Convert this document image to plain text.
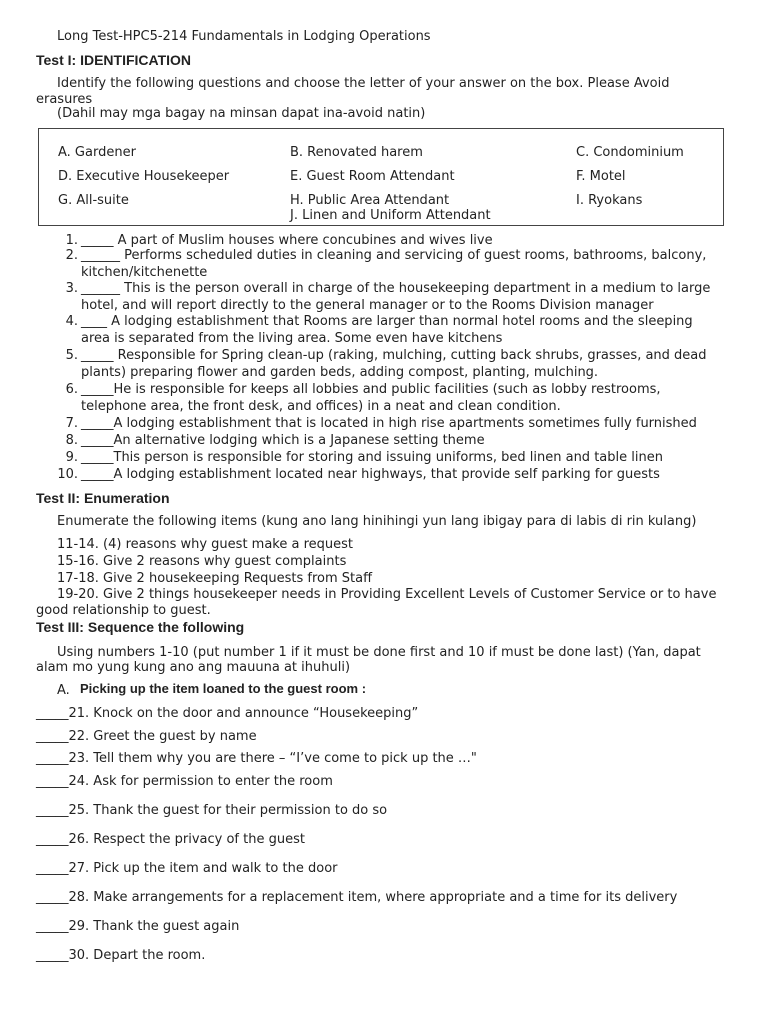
Long Test-HPC5-214 Fundamentals in Lodging Operations
Test I: IDENTIFICATION
Identify the following questions and choose the letter of your answer on the box. Please Avoid
erasures
(Dahil may mga bagay na minsan dapat ina-avoid natin)
A. Gardener	B. Renovated harem	C. Condominium
D. Executive Housekeeper	E. Guest Room Attendant	F. Motel
G. All-suite	H. Public Area Attendant	I. Ryokans
J. Linen and Uniform Attendant
1. _____ A part of Muslim houses where concubines and wives live
2. ______ Performs scheduled duties in cleaning and servicing of guest rooms, bathrooms, balcony,
kitchen/kitchenette
3. ______ This is the person overall in charge of the housekeeping department in a medium to large
hotel, and will report directly to the general manager or to the Rooms Division manager
4. ____ A lodging establishment that Rooms are larger than normal hotel rooms and the sleeping
area is separated from the living area. Some even have kitchens
5. _____ Responsible for Spring clean-up (raking, mulching, cutting back shrubs, grasses, and dead
plants) preparing flower and garden beds, adding compost, planting, mulching.
6. _____He is responsible for keeps all lobbies and public facilities (such as lobby restrooms,
telephone area, the front desk, and offices) in a neat and clean condition.
7. _____A lodging establishment that is located in high rise apartments sometimes fully furnished
8. _____An alternative lodging which is a Japanese setting theme
9. _____This person is responsible for storing and issuing uniforms, bed linen and table linen
10. _____A lodging establishment located near highways, that provide self parking for guests
Test II: Enumeration
Enumerate the following items (kung ano lang hinihingi yun lang ibigay para di labis di rin kulang)
11-14. (4) reasons why guest make a request
15-16. Give 2 reasons why guest complaints
17-18. Give 2 housekeeping Requests from Staff
19-20. Give 2 things housekeeper needs in Providing Excellent Levels of Customer Service or to have
good relationship to guest.
Test III: Sequence the following
Using numbers 1-10 (put number 1 if it must be done first and 10 if must be done last) (Yan, dapat
alam mo yung kung ano ang mauuna at ihuhuli)
A. Picking up the item loaned to the guest room :
_____21. Knock on the door and announce “Housekeeping”
_____22. Greet the guest by name
_____23. Tell them why you are there – “I’ve come to pick up the …"
_____24. Ask for permission to enter the room
_____25. Thank the guest for their permission to do so
_____26. Respect the privacy of the guest
_____27. Pick up the item and walk to the door
_____28. Make arrangements for a replacement item, where appropriate and a time for its delivery
_____29. Thank the guest again
_____30. Depart the room.
